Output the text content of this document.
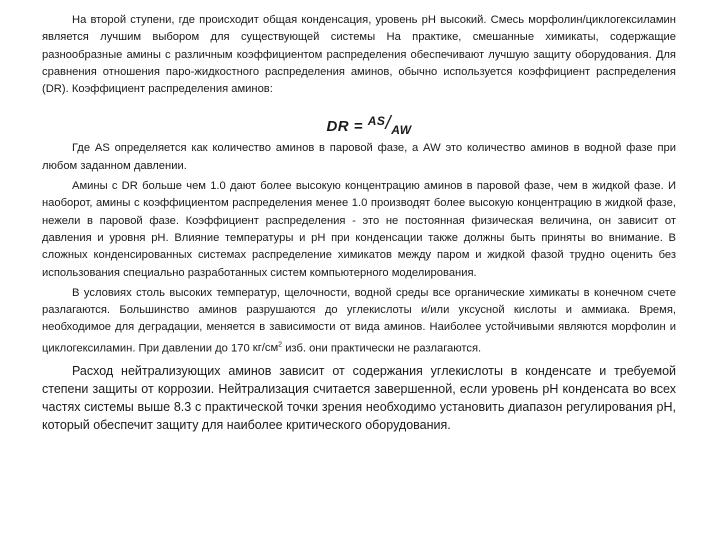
На второй ступени, где происходит общая конденсация, уровень pH высокий. Смесь морфолин/циклогексиламин является лучшим выбором для существующей системы На практике, смешанные химикаты, содержащие разнообразные амины с различным коэффициентом распределения обеспечивают лучшую защиту оборудования. Для сравнения отношения паро-жидкостного распределения аминов, обычно используется коэффициент распределения (DR). Коэффициент распределения аминов:

DR = $^{AS}/_{AW}$

Где AS определяется как количество аминов в паровой фазе, а AW это количество аминов в водной фазе при любом заданном давлении.

Амины с DR больше чем 1.0 дают более высокую концентрацию аминов в паровой фазе, чем в жидкой фазе. И наоборот, амины с коэффициентом распределения менее 1.0 производят более высокую концентрацию в жидкой фазе, нежели в паровой фазе. Коэффициент распределения - это не постоянная физическая величина, он зависит от давления и уровня pH. Влияние температуры и pH при конденсации также должны быть приняты во внимание. В сложных конденсированных системах распределение химикатов между паром и жидкой фазой трудно оценить без использования специально разработанных систем компьютерного моделирования.

В условиях столь высоких температур, щелочности, водной среды все органические химикаты в конечном счете разлагаются. Большинство аминов разрушаются до углекислоты и/или уксусной кислоты и аммиака. Время, необходимое для деградации, меняется в зависимости от вида аминов. Наиболее устойчивыми являются морфолин и циклогексиламин. При давлении до 170 $кг/см^2$ изб. они практически не разлагаются.

Расход нейтрализующих аминов зависит от содержания углекислоты в конденсате и требуемой степени защиты от коррозии. Нейтрализация считается завершенной, если уровень pH конденсата во всех частях системы выше 8.3 с практической точки зрения необходимо установить диапазон регулирования pH, который обеспечит защиту для наиболее критического оборудования.
